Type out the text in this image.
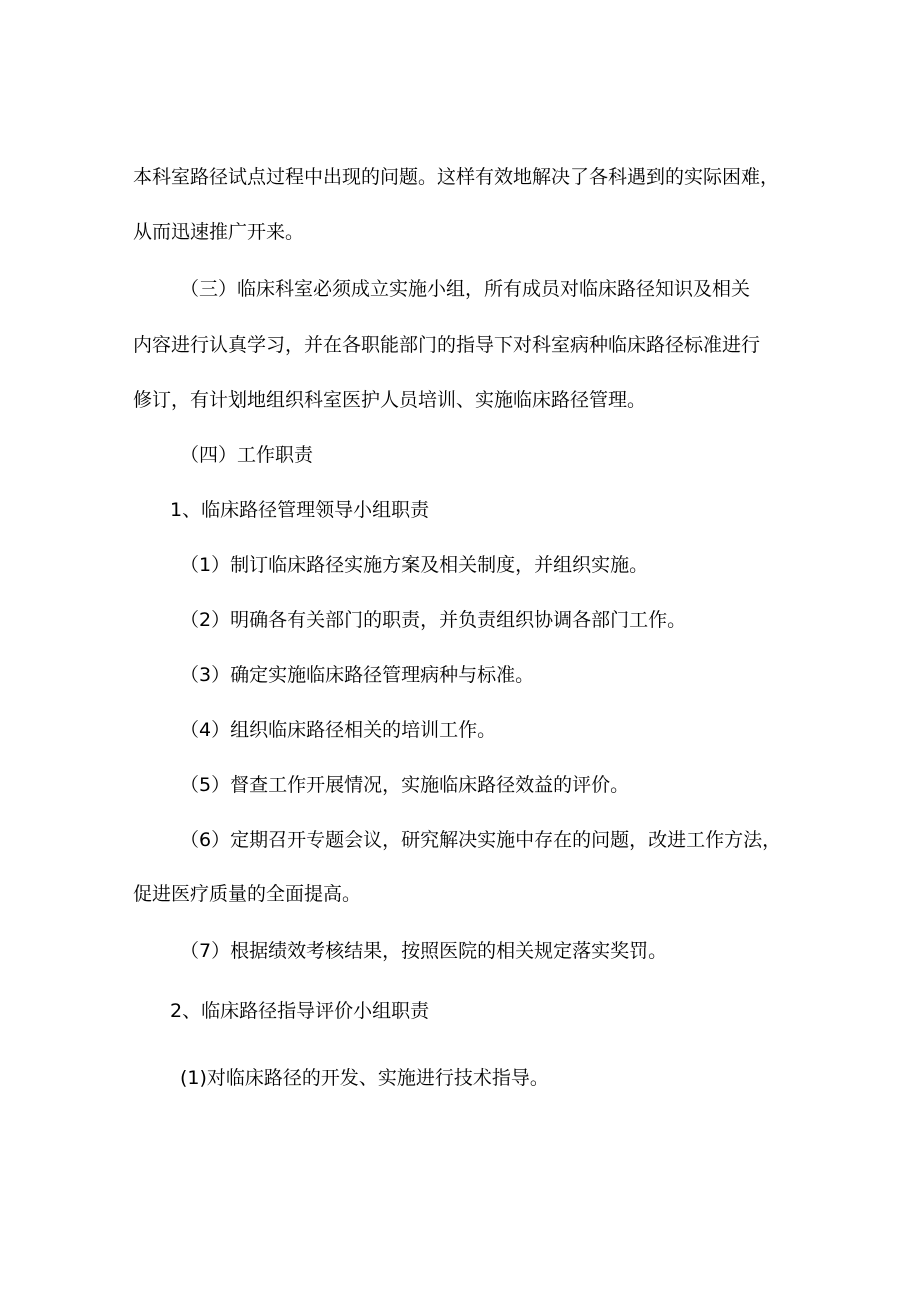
本科室路径试点过程中出现的问题。这样有效地解决了各科遇到的实际困难，
从而迅速推广开来。
（三）临床科室必须成立实施小组，所有成员对临床路径知识及相关
内容进行认真学习，并在各职能部门的指导下对科室病种临床路径标准进行
修订，有计划地组织科室医护人员培训、实施临床路径管理。
（四）工作职责
1、临床路径管理领导小组职责
（1）制订临床路径实施方案及相关制度，并组织实施。
（2）明确各有关部门的职责，并负责组织协调各部门工作。
（3）确定实施临床路径管理病种与标准。
（4）组织临床路径相关的培训工作。
（5）督查工作开展情况，实施临床路径效益的评价。
（6）定期召开专题会议，研究解决实施中存在的问题，改进工作方法，
促进医疗质量的全面提高。
（7）根据绩效考核结果，按照医院的相关规定落实奖罚。
2、临床路径指导评价小组职责
(1)对临床路径的开发、实施进行技术指导。
